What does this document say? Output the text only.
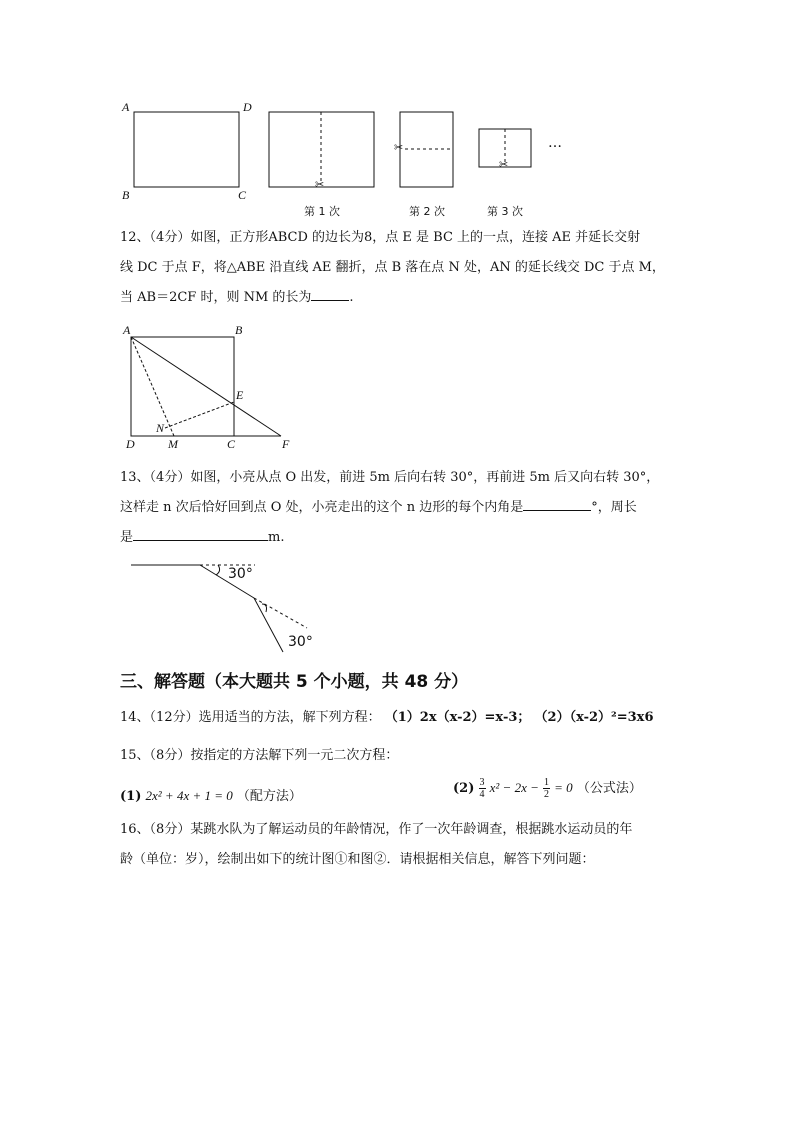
A	D
B	C
✂
✂
✂
…
第 1 次	第 2 次	第 3 次
12、（4分）如图，正方形ABCD 的边长为8，点 E 是 BC 上的一点，连接 AE 并延长交射
线 DC 于点 F，将△ABE 沿直线 AE 翻折，点 B 落在点 N 处，AN 的延长线交 DC 于点 M，
当 AB＝2CF 时，则 NM 的长为	.
A	B
E
N
D	M	C	F
13、（4分）如图，小亮从点 O 出发，前进 5m 后向右转 30°，再前进 5m 后又向右转 30°，
这样走 n 次后恰好回到点 O 处，小亮走出的这个 n 边形的每个内角是	°，周长
是	m.
30°
30°
三、解答题（本大题共 5 个小题，共 48 分）
14、（12分）选用适当的方法，解下列方程： （1）2x（x-2）=x-3； （2）（x-2）²=3x6
15、（8分）按指定的方法解下列一元二次方程：
(1) 2x² + 4x + 1 = 0 （配方法）
$(2) \frac{3}{4} x^2 - 2x - \frac{1}{2} = 0$ （公式法）
16、（8分）某跳水队为了解运动员的年龄情况，作了一次年龄调查，根据跳水运动员的年
龄（单位：岁），绘制出如下的统计图①和图②．请根据相关信息，解答下列问题：
